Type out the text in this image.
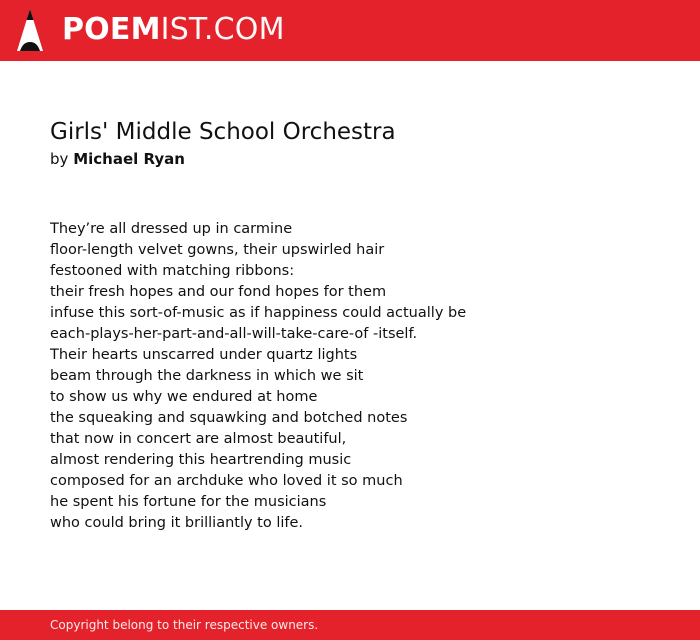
POEMIST.COM
Girls' Middle School Orchestra
by Michael Ryan
They’re all dressed up in carmine
floor-length velvet gowns, their upswirled hair
festooned with matching ribbons:
their fresh hopes and our fond hopes for them
infuse this sort-of-music as if happiness could actually be
each-plays-her-part-and-all-will-take-care-of -itself.
Their hearts unscarred under quartz lights
beam through the darkness in which we sit
to show us why we endured at home
the squeaking and squawking and botched notes
that now in concert are almost beautiful,
almost rendering this heartrending music
composed for an archduke who loved it so much
he spent his fortune for the musicians
who could bring it brilliantly to life.
Copyright belong to their respective owners.
